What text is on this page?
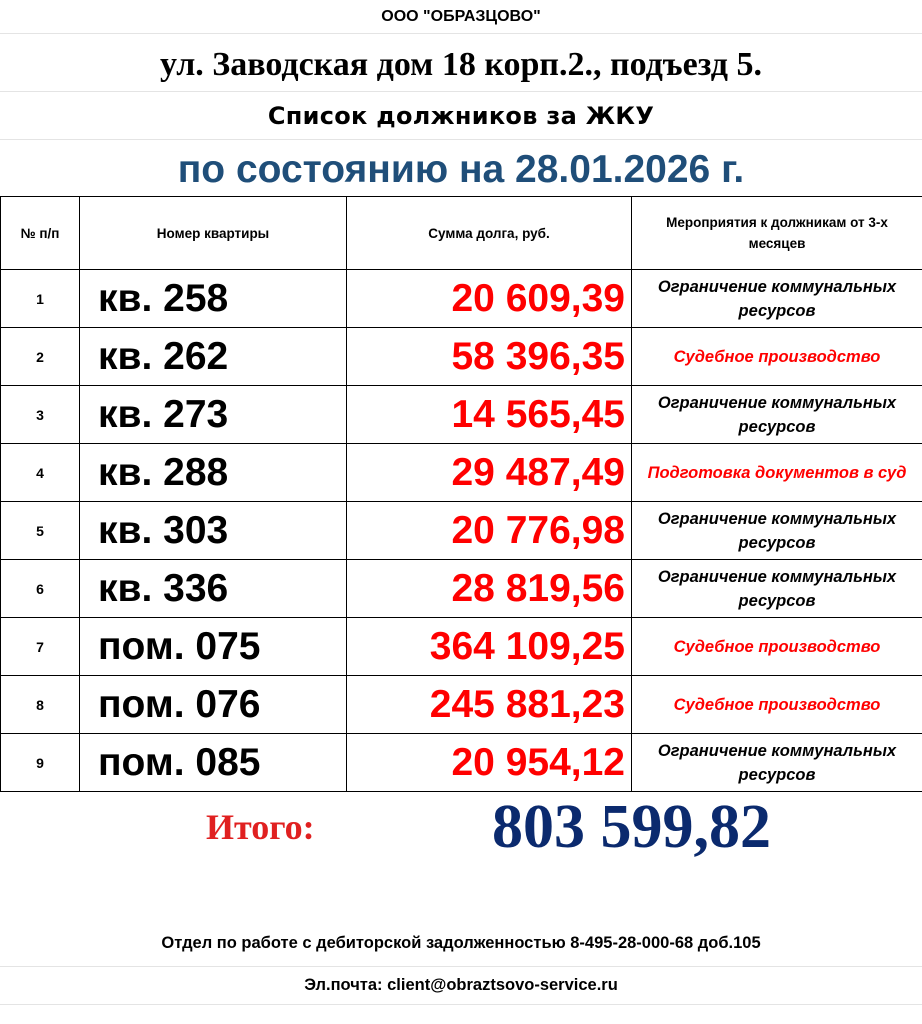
ООО "ОБРАЗЦОВО"
ул. Заводская дом 18 корп.2., подъезд 5.
Список должников за ЖКУ
по состоянию на 28.01.2026 г.
№ п/п	Номер квартиры	Сумма долга, руб.	Мероприятия к должникам от 3-х месяцев
1	кв. 258	20 609,39	Ограничение коммунальных ресурсов
2	кв. 262	58 396,35	Судебное производство
3	кв. 273	14 565,45	Ограничение коммунальных ресурсов
4	кв. 288	29 487,49	Подготовка документов в суд
5	кв. 303	20 776,98	Ограничение коммунальных ресурсов
6	кв. 336	28 819,56	Ограничение коммунальных ресурсов
7	пом. 075	364 109,25	Судебное производство
8	пом. 076	245 881,23	Судебное производство
9	пом. 085	20 954,12	Ограничение коммунальных ресурсов
Итого:	803 599,82
Отдел по работе с дебиторской задолженностью 8-495-28-000-68 доб.105
Эл.почта: client@obraztsovo-service.ru
